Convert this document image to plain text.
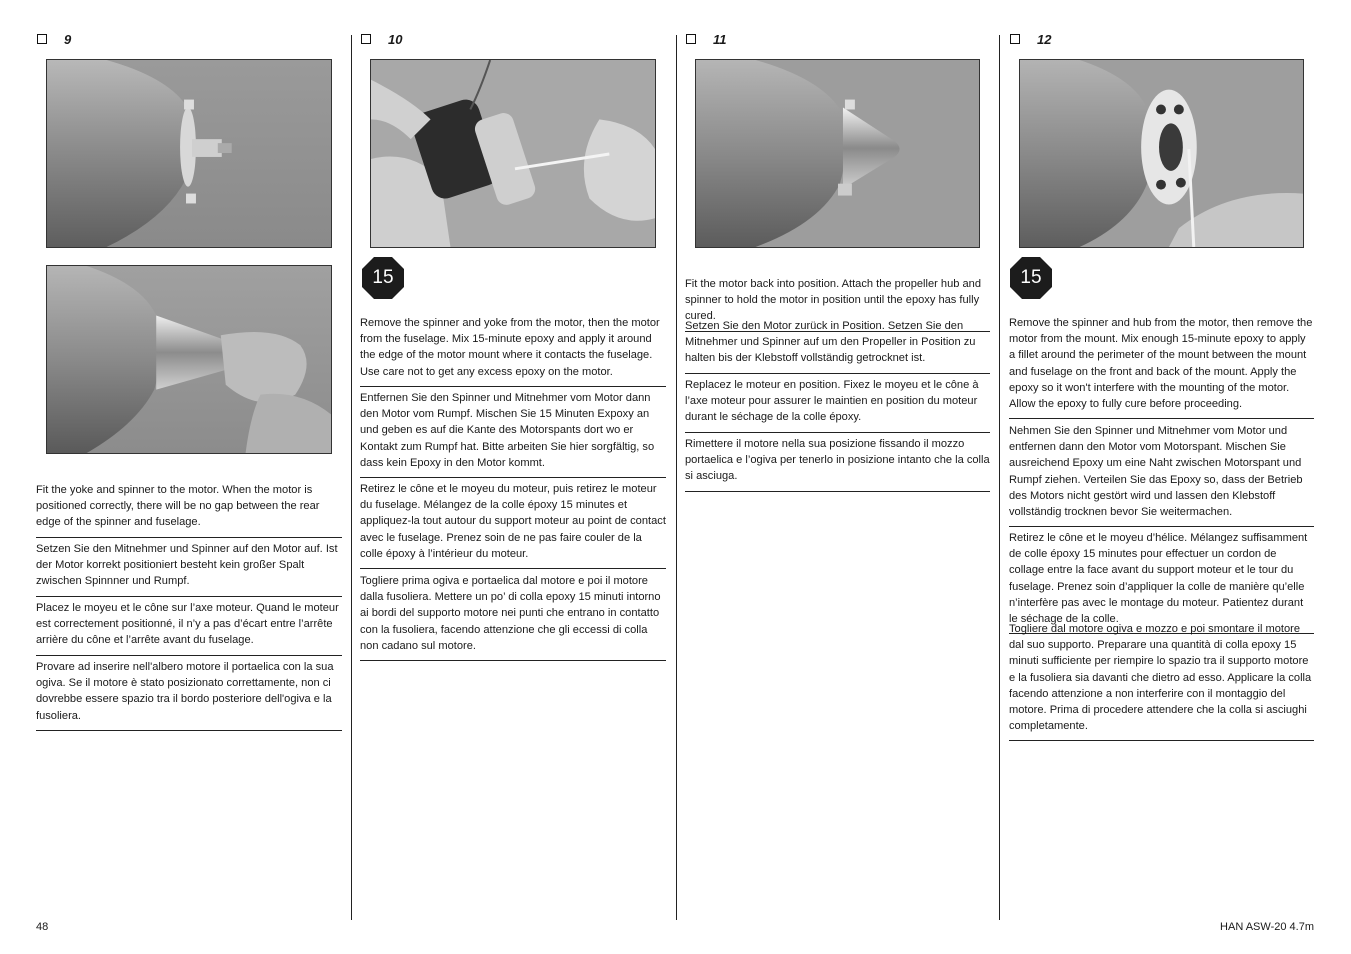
9
Fit the yoke and spinner to the motor. When the motor is positioned correctly, there will be no gap between the rear edge of the spinner and fuselage.
Setzen Sie den Mitnehmer und Spinner auf den Motor auf. Ist der Motor korrekt positioniert besteht kein großer Spalt zwischen Spinnner und Rumpf.
Placez le moyeu et le cône sur l’axe moteur. Quand le moteur est correctement positionné, il n’y a pas d’écart entre l’arrête arrière du cône et l’arrête avant du fuselage.
Provare ad inserire nell'albero motore il portaelica con la sua ogiva. Se il motore è stato posizionato correttamente, non ci dovrebbe essere spazio tra il bordo posteriore dell'ogiva e la fusoliera.
10
15
Remove the spinner and yoke from the motor, then the motor from the fuselage. Mix 15-minute epoxy and apply it around the edge of the motor mount where it contacts the fuselage. Use care not to get any excess epoxy on the motor.
Entfernen Sie den Spinner und Mitnehmer vom Motor dann den Motor vom Rumpf. Mischen Sie 15 Minuten Expoxy an und geben es auf die Kante des Motorspants dort wo er Kontakt zum Rumpf hat. Bitte arbeiten Sie hier sorgfältig, so dass kein Epoxy in den Motor kommt.
Retirez le cône et le moyeu du moteur, puis retirez le moteur du fuselage. Mélangez de la colle époxy 15 minutes et appliquez-la tout autour du support moteur au point de contact avec le fuselage. Prenez soin de ne pas faire couler de la colle époxy à l’intérieur du moteur.
Togliere prima ogiva e portaelica dal motore e poi il motore dalla fusoliera. Mettere un po’ di colla epoxy 15 minuti intorno ai bordi del supporto motore nei punti che entrano in contatto con la fusoliera, facendo attenzione che gli eccessi di colla non cadano sul motore.
11
Fit the motor back into position. Attach the propeller hub and spinner to hold the motor in position until the epoxy has fully cured.
Setzen Sie den Motor zurück in Position. Setzen Sie den Mitnehmer und Spinner auf um den Propeller in Position zu halten bis der Klebstoff vollständig getrocknet ist.
Replacez le moteur en position. Fixez le moyeu et le cône à l’axe moteur pour assurer le maintien en position du moteur durant le séchage de la colle époxy.
Rimettere il motore nella sua posizione fissando il mozzo portaelica e l’ogiva per tenerlo in posizione intanto che la colla si asciuga.
12
15
Remove the spinner and hub from the motor, then remove the motor from the mount. Mix enough 15-minute epoxy to apply a fillet around the perimeter of the mount between the mount and fuselage on the front and back of the mount. Apply the epoxy so it won't interfere with the mounting of the motor. Allow the epoxy to fully cure before proceeding.
Nehmen Sie den Spinner und Mitnehmer vom Motor und entfernen dann den Motor vom Motorspant. Mischen Sie ausreichend Epoxy um eine Naht zwischen Motorspant und Rumpf ziehen. Verteilen Sie das Epoxy so, dass der Betrieb des Motors nicht gestört wird und lassen den Klebstoff vollständig trocknen bevor Sie weitermachen.
Retirez le cône et le moyeu d’hélice. Mélangez suffisamment de colle époxy 15 minutes pour effectuer un cordon de collage entre la face avant du support moteur et le tour du fuselage. Prenez soin d’appliquer la colle de manière qu’elle n’interfère pas avec le montage du moteur. Patientez durant le séchage de la colle.
Togliere dal motore ogiva e mozzo e poi smontare il motore dal suo supporto. Preparare una quantità di colla epoxy 15 minuti sufficiente per riempire lo spazio tra il supporto motore e la fusoliera sia davanti che dietro ad esso. Applicare la colla facendo attenzione a non interferire con il montaggio del motore. Prima di procedere attendere che la colla si asciughi completamente.
48	HAN ASW-20 4.7m
